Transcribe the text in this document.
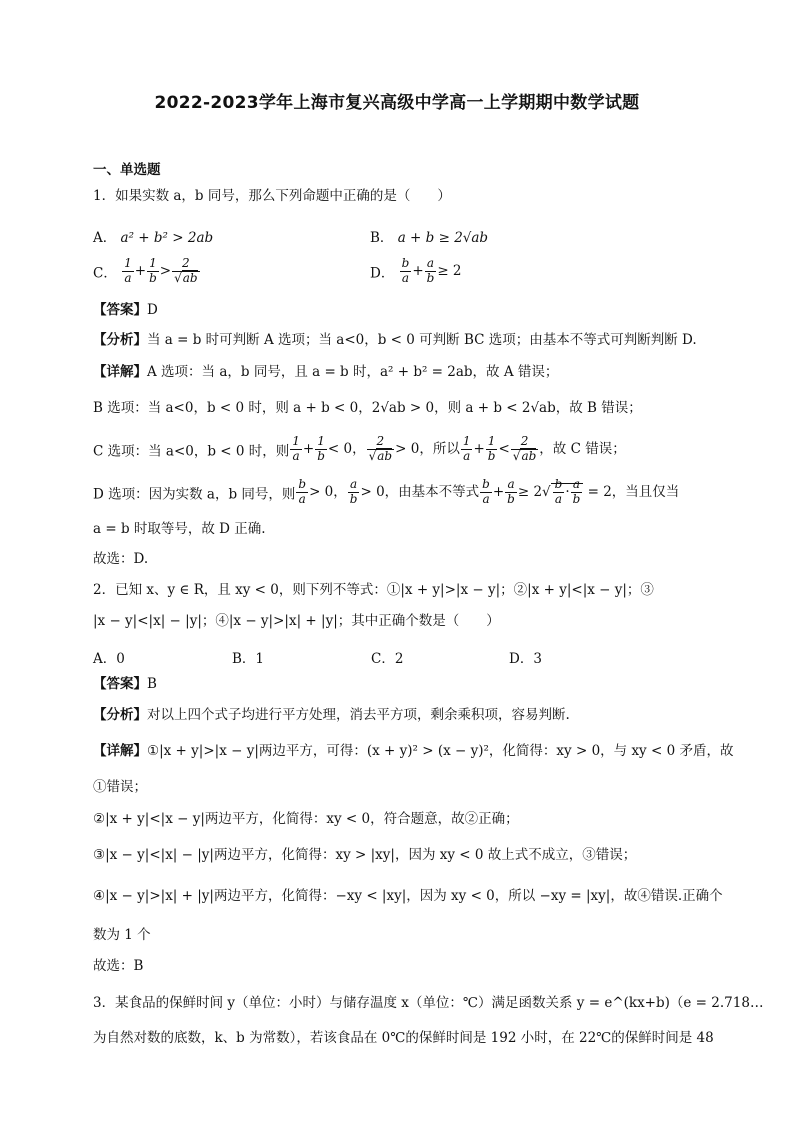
2022-2023学年上海市复兴高级中学高一上学期期中数学试题
一、单选题
1．如果实数 a，b 同号，那么下列命题中正确的是（　　）
A． a² + b² > 2ab	B． a + b ≥ 2√ab
C． $\frac{1}{a} + \frac{1}{b} > \frac{2}{√ab}$	D． $\frac{b}{a} + \frac{a}{b} \ge 2$
【答案】D
【分析】当 a = b 时可判断 A 选项；当 a<0，b < 0 可判断 BC 选项；由基本不等式可判断判断 D.
【详解】A 选项：当 a，b 同号，且 a = b 时，a² + b² = 2ab，故 A 错误；
B 选项：当 a<0，b < 0 时，则 a + b < 0，2√ab > 0，则 a + b < 2√ab，故 B 错误；
C 选项：当 a<0，b < 0 时，则 $\frac{1}{a} + \frac{1}{b} < 0$， $\frac{2}{√ab} > 0$，所以 $\frac{1}{a} + \frac{1}{b} < \frac{2}{√ab}$ ，故 C 错误；
D 选项：因为实数 a，b 同号，则 $\frac{b}{a} > 0$， $\frac{a}{b} > 0$，由基本不等式 $\frac{b}{a} + \frac{a}{b} \ge 2√ \frac{b}{a} \cdot \frac{a}{b} = 2$，当且仅当
a = b 时取等号，故 D 正确.
故选：D.
2．已知 x、y ∈ R，且 xy < 0，则下列不等式：①|x + y|>|x − y|；②|x + y|<|x − y|；③
|x − y|<|x| − |y|；④|x − y|>|x| + |y|；其中正确个数是（　　）
A．0	B．1	C．2	D．3
【答案】B
【分析】对以上四个式子均进行平方处理，消去平方项，剩余乘积项，容易判断.
【详解】①|x + y|>|x − y|两边平方，可得：(x + y)² > (x − y)²，化简得：xy > 0，与 xy < 0 矛盾，故
①错误；
②|x + y|<|x − y|两边平方，化简得：xy < 0，符合题意，故②正确；
③|x − y|<|x| − |y|两边平方，化简得：xy > |xy|，因为 xy < 0 故上式不成立，③错误；
④|x − y|>|x| + |y|两边平方，化简得：−xy < |xy|，因为 xy < 0，所以 −xy = |xy|，故④错误.正确个
数为 1 个
故选：B
3．某食品的保鲜时间 y（单位：小时）与储存温度 x（单位：℃）满足函数关系 y = e^(kx+b)（e = 2.718…
为自然对数的底数，k、b 为常数），若该食品在 0℃的保鲜时间是 192 小时，在 22℃的保鲜时间是 48
